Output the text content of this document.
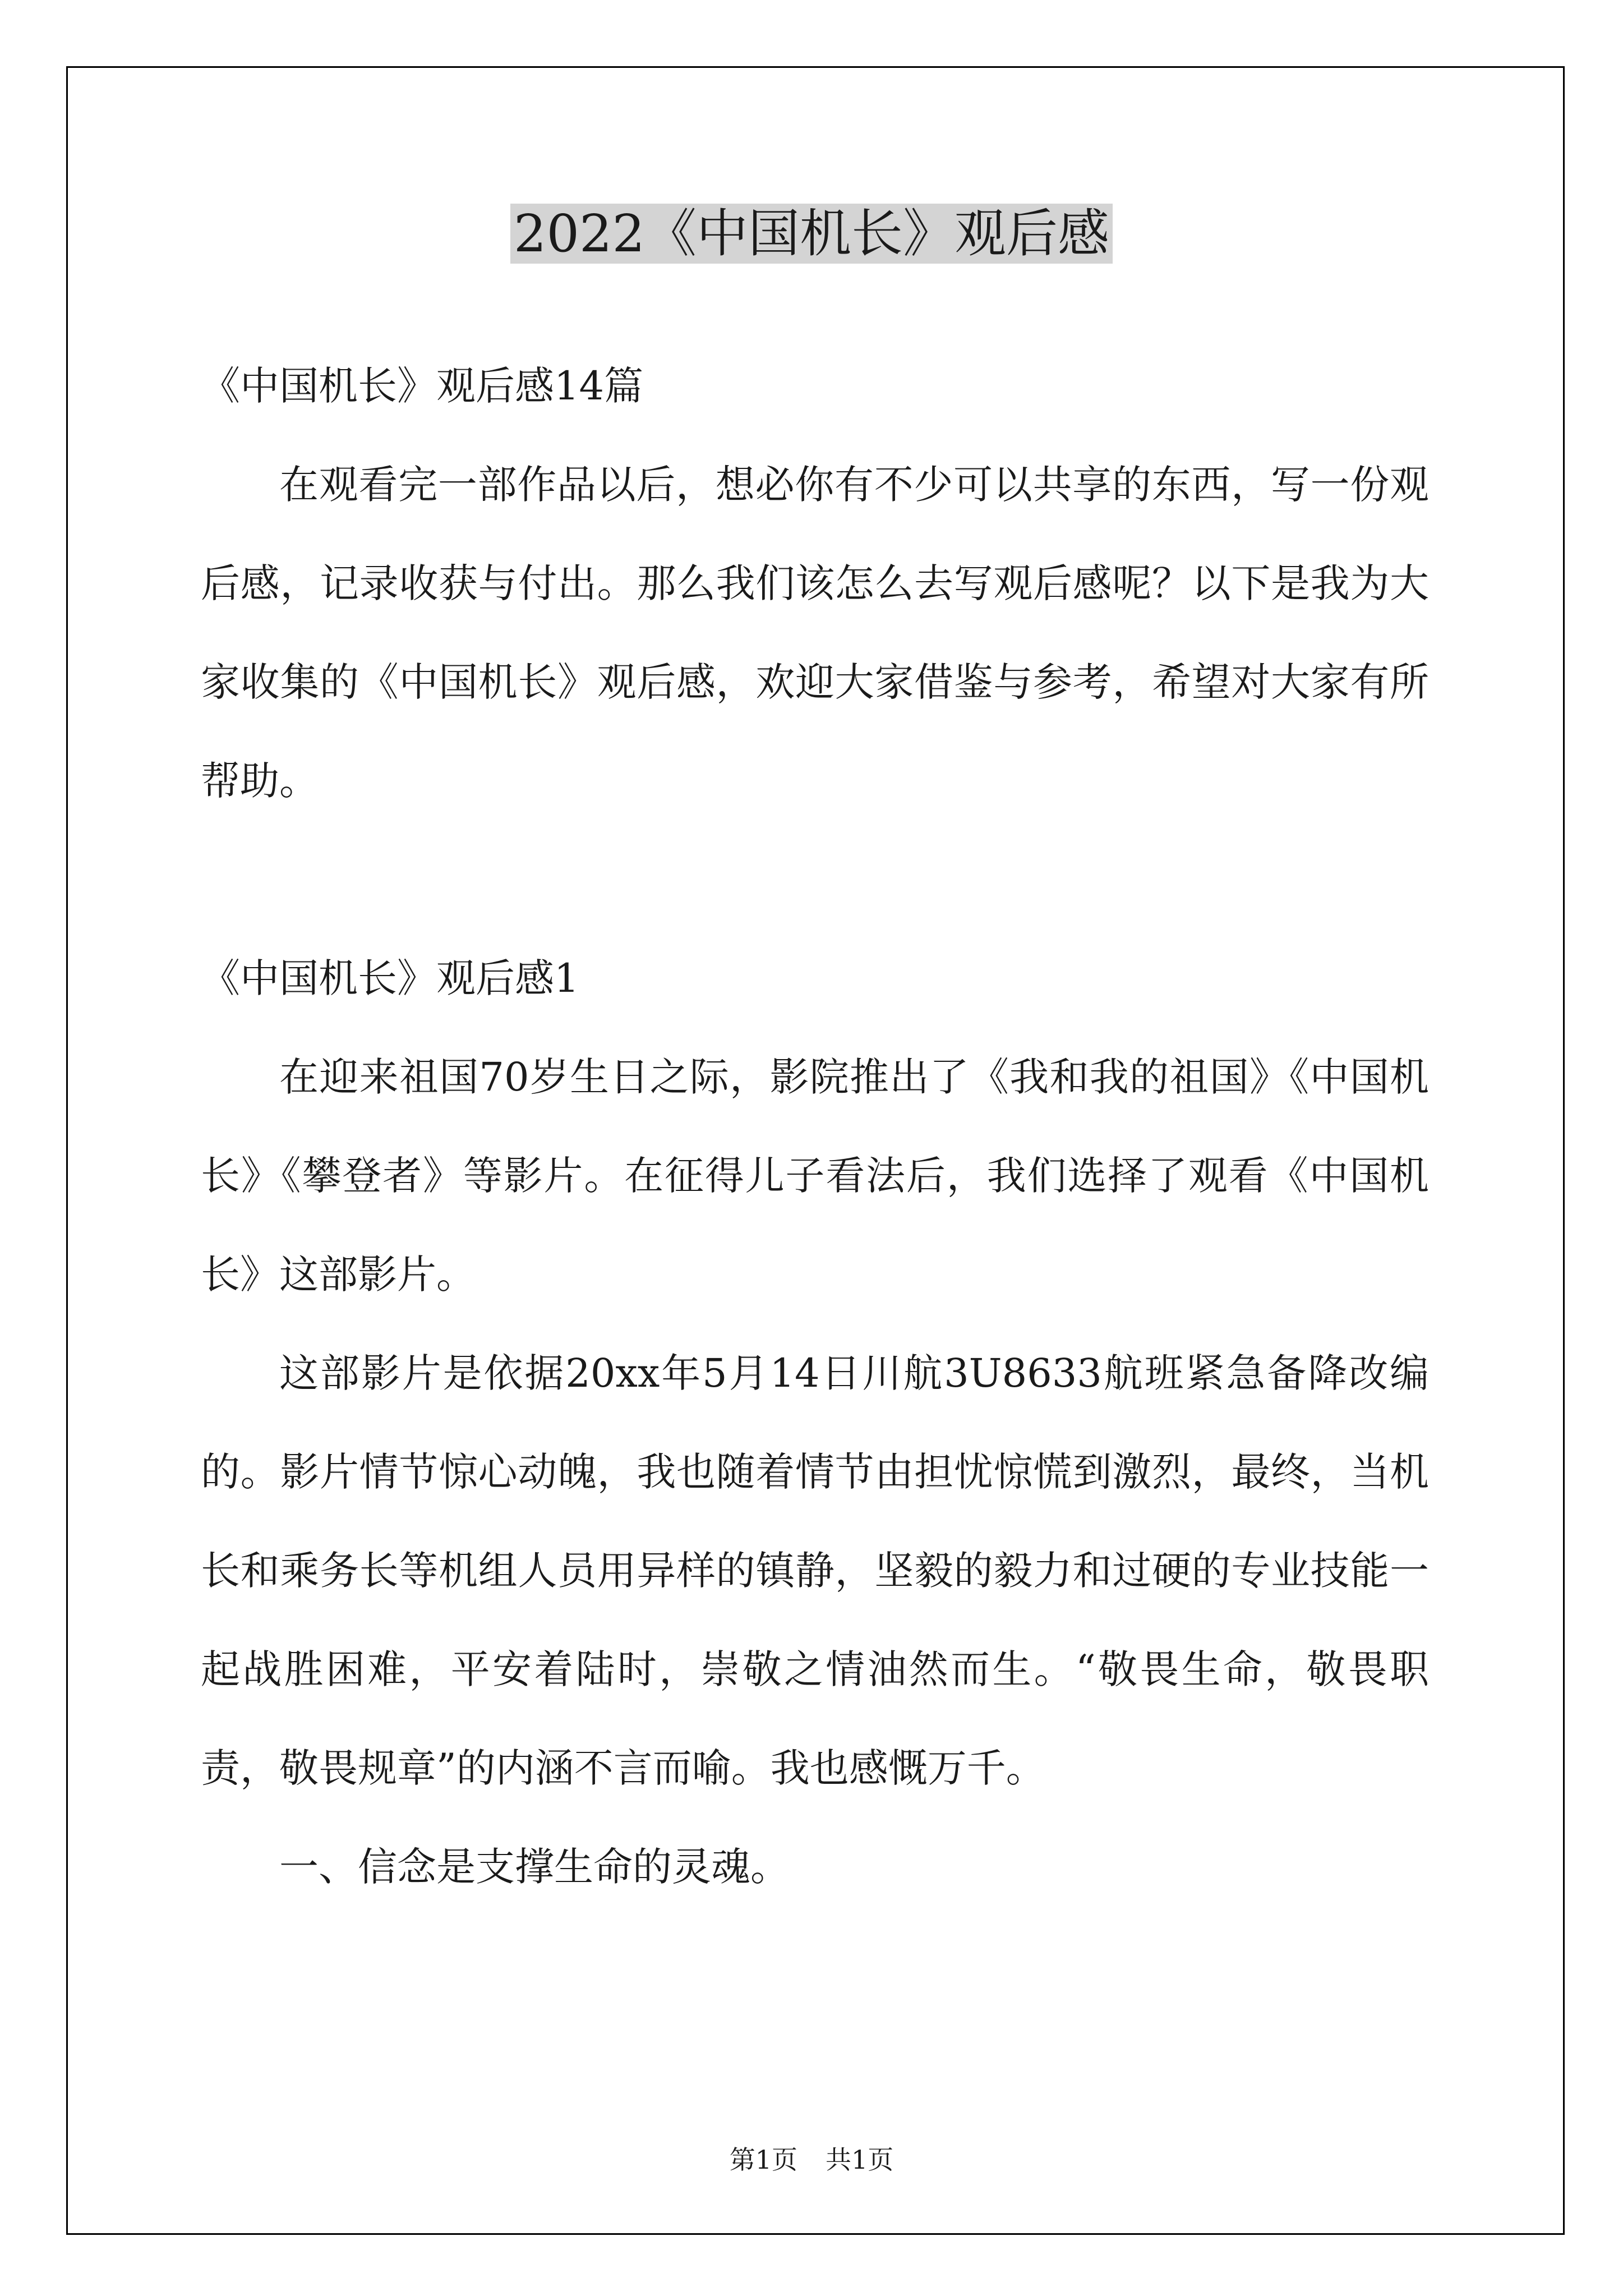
2022《中国机长》观后感

《中国机长》观后感14篇

在观看完一部作品以后，想必你有不少可以共享的东西，写一份观后感，记录收获与付出。那么我们该怎么去写观后感呢？以下是我为大家收集的《中国机长》观后感，欢迎大家借鉴与参考，希望对大家有所帮助。

《中国机长》观后感1

在迎来祖国70岁生日之际，影院推出了《我和我的祖国》《中国机长》《攀登者》等影片。在征得儿子看法后，我们选择了观看《中国机长》这部影片。

这部影片是依据20xx年5月14日川航3U8633航班紧急备降改编的。影片情节惊心动魄，我也随着情节由担忧惊慌到激烈，最终，当机长和乘务长等机组人员用异样的镇静，坚毅的毅力和过硬的专业技能一起战胜困难，平安着陆时，崇敬之情油然而生。“敬畏生命，敬畏职责，敬畏规章”的内涵不言而喻。我也感慨万千。

一、信念是支撑生命的灵魂。

第1页 共1页
